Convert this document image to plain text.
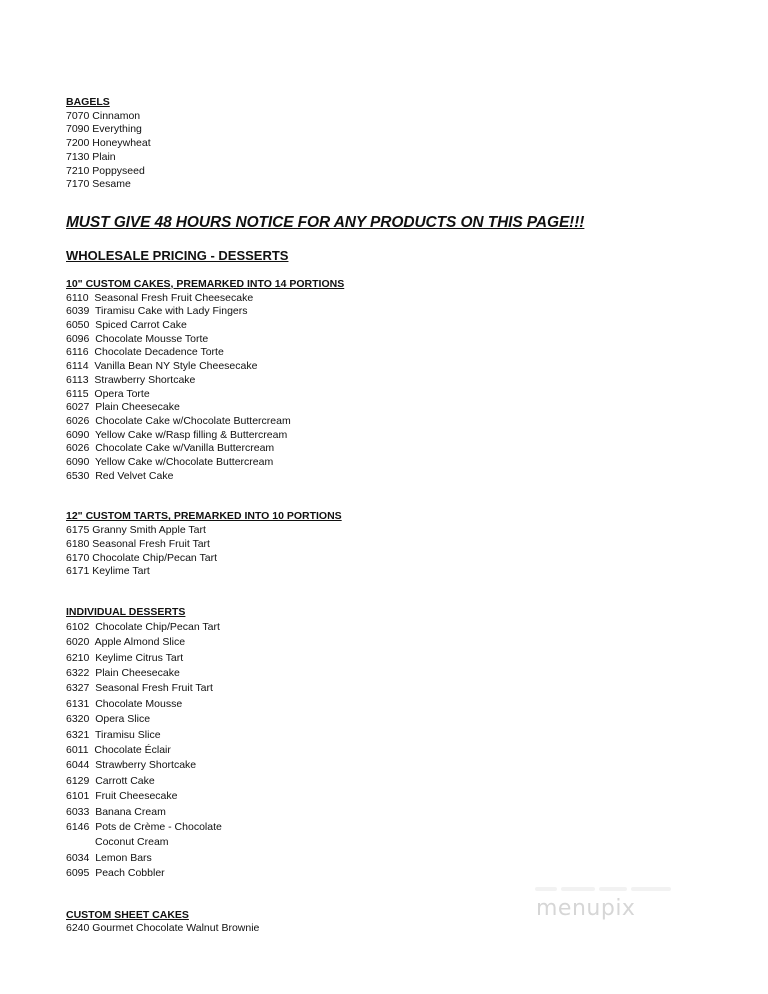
BAGELS
7070 Cinnamon
7090 Everything
7200 Honeywheat
7130 Plain
7210 Poppyseed
7170 Sesame
MUST GIVE 48 HOURS NOTICE FOR ANY PRODUCTS ON THIS PAGE!!!
WHOLESALE PRICING - DESSERTS
10" CUSTOM CAKES, PREMARKED INTO 14 PORTIONS
6110  Seasonal Fresh Fruit Cheesecake
6039  Tiramisu Cake with Lady Fingers
6050  Spiced Carrot Cake
6096  Chocolate Mousse Torte
6116  Chocolate Decadence Torte
6114  Vanilla Bean NY Style Cheesecake
6113  Strawberry Shortcake
6115  Opera Torte
6027  Plain Cheesecake
6026  Chocolate Cake w/Chocolate Buttercream
6090  Yellow Cake w/Rasp filling & Buttercream
6026  Chocolate Cake w/Vanilla Buttercream
6090  Yellow Cake w/Chocolate Buttercream
6530  Red Velvet Cake
12" CUSTOM TARTS, PREMARKED INTO 10 PORTIONS
6175 Granny Smith Apple Tart
6180 Seasonal Fresh Fruit Tart
6170 Chocolate Chip/Pecan Tart
6171 Keylime Tart
INDIVIDUAL DESSERTS
6102  Chocolate Chip/Pecan Tart
6020  Apple Almond Slice
6210  Keylime Citrus Tart
6322  Plain Cheesecake
6327  Seasonal Fresh Fruit Tart
6131  Chocolate Mousse
6320  Opera Slice
6321  Tiramisu Slice
6011  Chocolate Éclair
6044  Strawberry Shortcake
6129  Carrott Cake
6101  Fruit Cheesecake
6033  Banana Cream
6146  Pots de Crème - Chocolate
Coconut Cream
6034  Lemon Bars
6095  Peach Cobbler
CUSTOM SHEET CAKES
6240 Gourmet Chocolate Walnut Brownie
menupix
